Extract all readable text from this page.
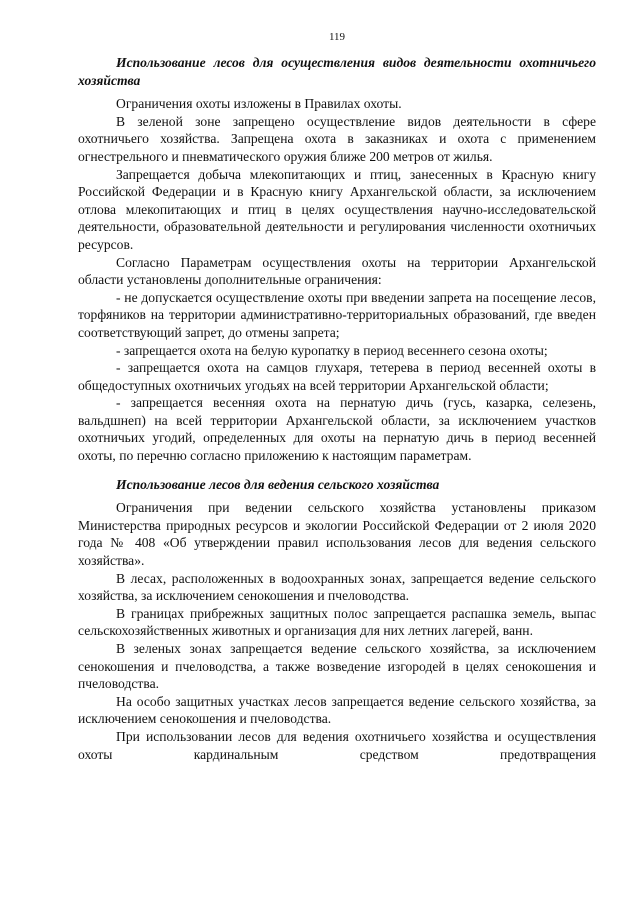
119

Использование лесов для осуществления видов деятельности охотничьего хозяйства

Ограничения охоты изложены в Правилах охоты.

В зеленой зоне запрещено осуществление видов деятельности в сфере охотничьего хозяйства. Запрещена охота в заказниках и охота с применением огнестрельного и пневматического оружия ближе 200 метров от жилья.

Запрещается добыча млекопитающих и птиц, занесенных в Красную книгу Российской Федерации и в Красную книгу Архангельской области, за исключением отлова млекопитающих и птиц в целях осуществления научно-исследовательской деятельности, образовательной деятельности и регулирования численности охотничьих ресурсов.

Согласно Параметрам осуществления охоты на территории Архангельской области установлены дополнительные ограничения:

- не допускается осуществление охоты при введении запрета на посещение лесов, торфяников на территории административно-территориальных образований, где введен соответствующий запрет, до отмены запрета;

- запрещается охота на белую куропатку в период весеннего сезона охоты;

- запрещается охота на самцов глухаря, тетерева в период весенней охоты в общедоступных охотничьих угодьях на всей территории Архангельской области;

- запрещается весенняя охота на пернатую дичь (гусь, казарка, селезень, вальдшнеп) на всей территории Архангельской области, за исключением участков охотничьих угодий, определенных для охоты на пернатую дичь в период весенней охоты, по перечню согласно приложению к настоящим параметрам.

Использование лесов для ведения сельского хозяйства

Ограничения при ведении сельского хозяйства установлены приказом Министерства природных ресурсов и экологии Российской Федерации от 2 июля 2020 года № 408 «Об утверждении правил использования лесов для ведения сельского хозяйства».

В лесах, расположенных в водоохранных зонах, запрещается ведение сельского хозяйства, за исключением сенокошения и пчеловодства.

В границах прибрежных защитных полос запрещается распашка земель, выпас сельскохозяйственных животных и организация для них летних лагерей, ванн.

В зеленых зонах запрещается ведение сельского хозяйства, за исключением сенокошения и пчеловодства, а также возведение изгородей в целях сенокошения и пчеловодства.

На особо защитных участках лесов запрещается ведение сельского хозяйства, за исключением сенокошения и пчеловодства.

При использовании лесов для ведения охотничьего хозяйства и осуществления охоты кардинальным средством предотвращения
